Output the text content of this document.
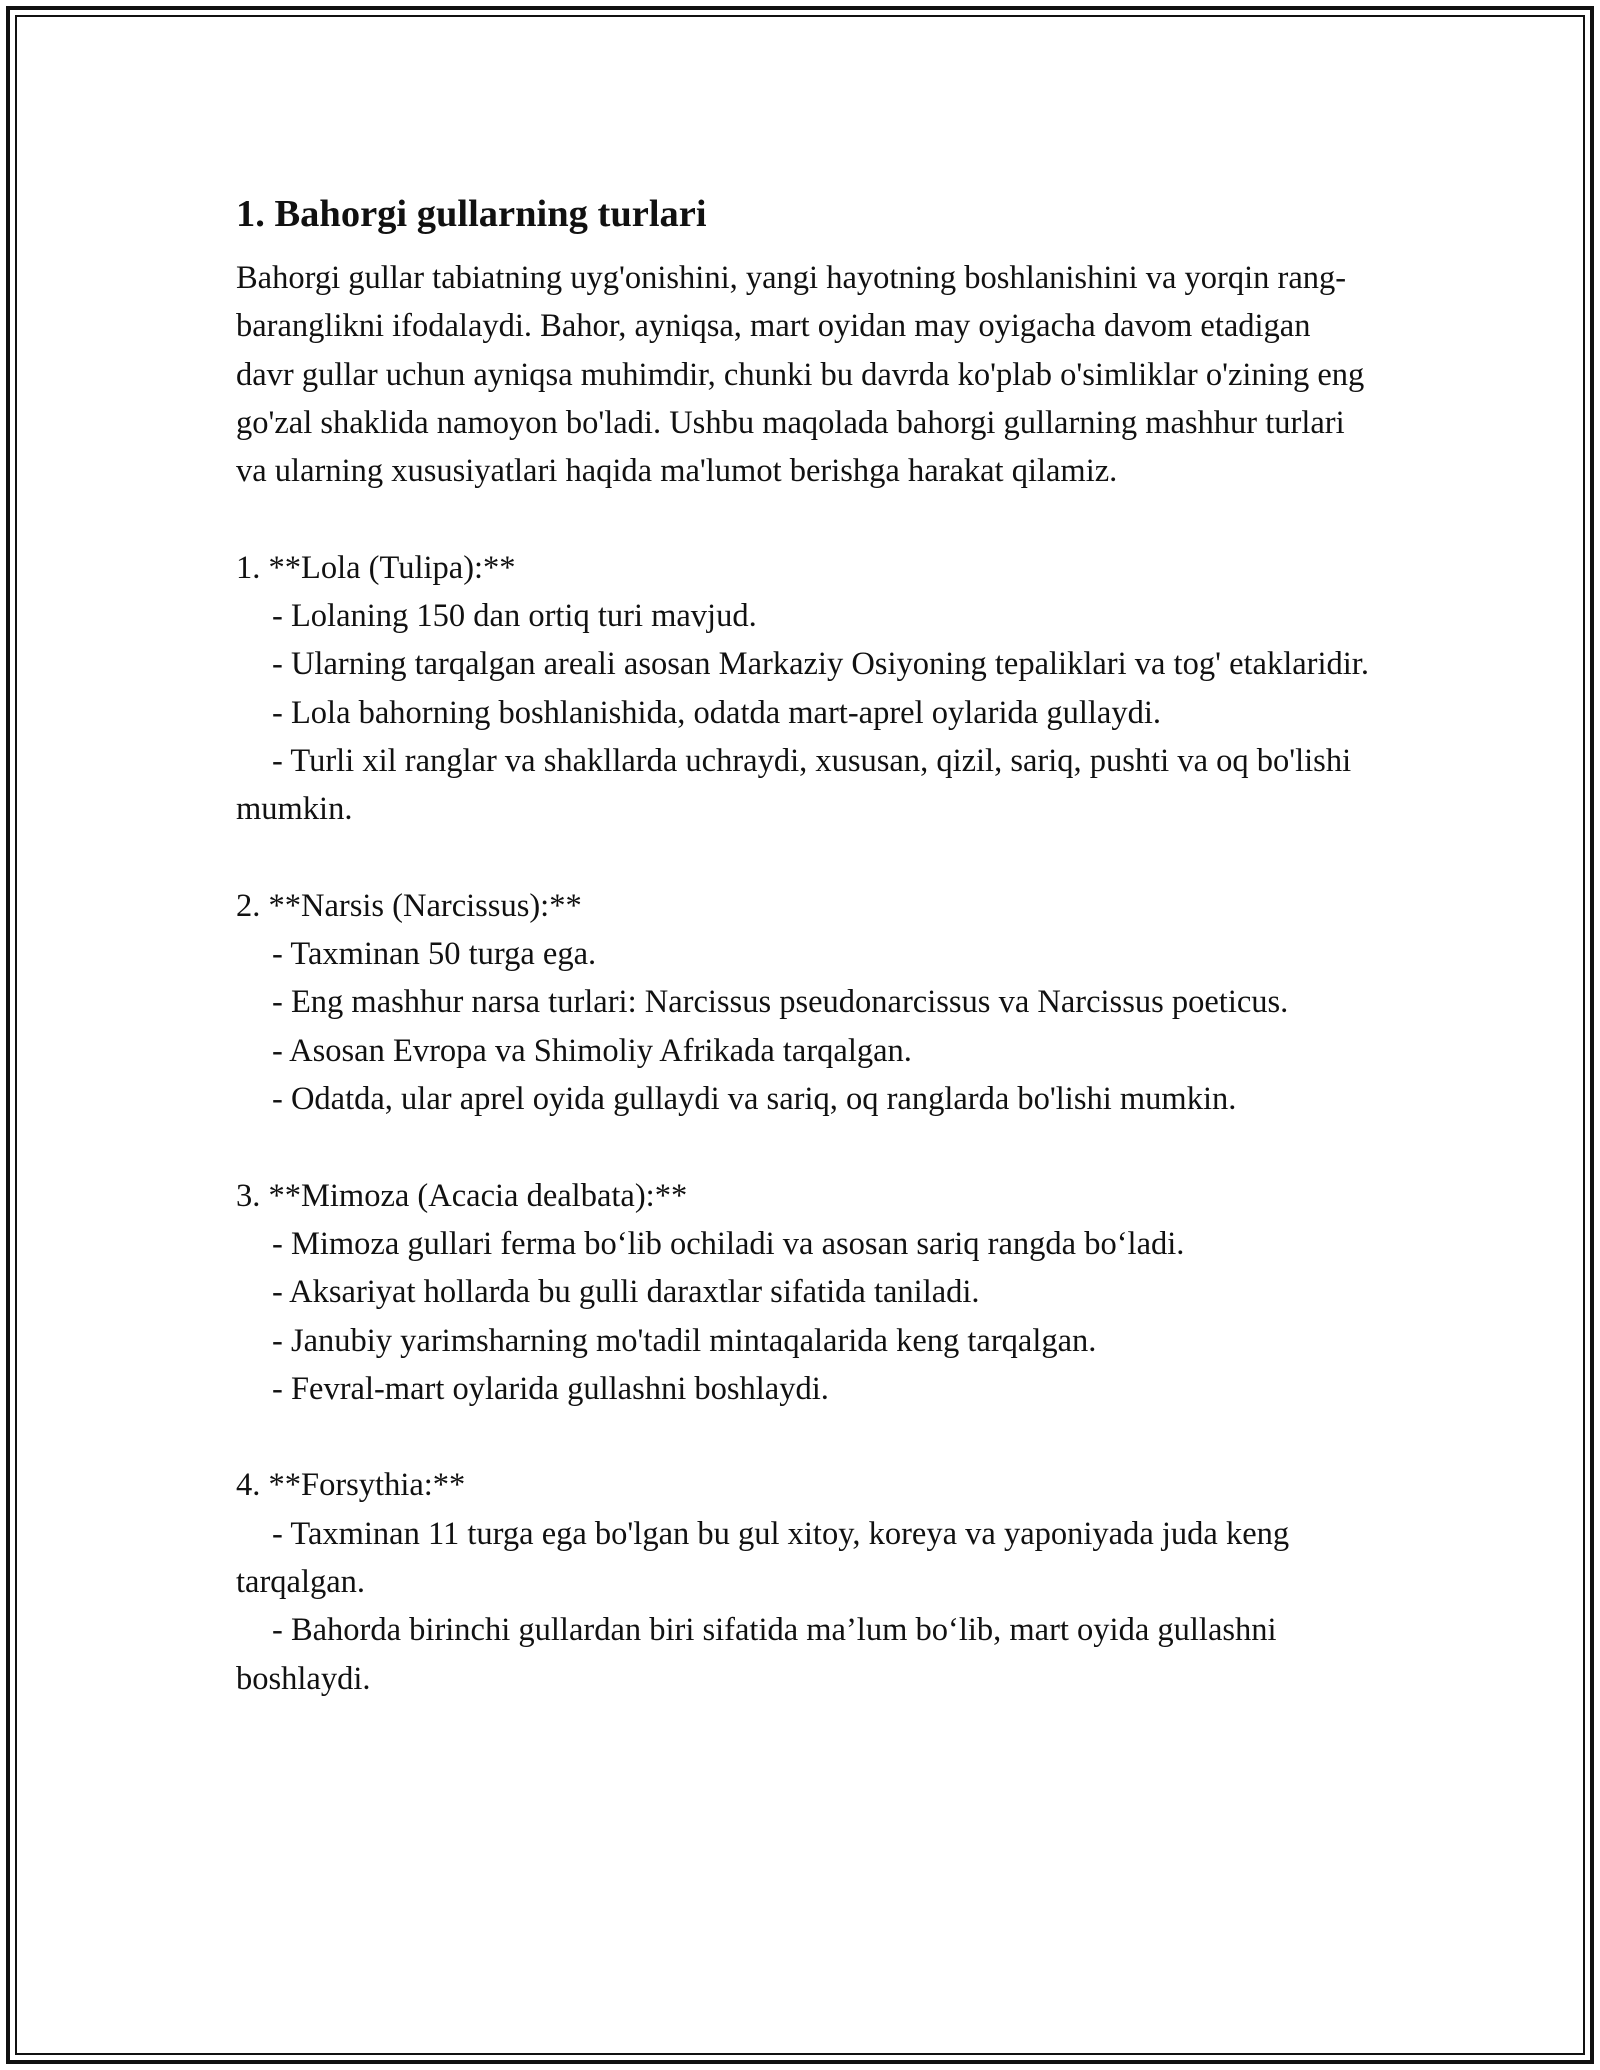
1. Bahorgi gullarning turlari

Bahorgi gullar tabiatning uyg'onishini, yangi hayotning boshlanishini va yorqin rang-baranglikni ifodalaydi. Bahor, ayniqsa, mart oyidan may oyigacha davom etadigan davr gullar uchun ayniqsa muhimdir, chunki bu davrda ko'plab o'simliklar o'zining eng go'zal shaklida namoyon bo'ladi. Ushbu maqolada bahorgi gullarning mashhur turlari va ularning xususiyatlari haqida ma'lumot berishga harakat qilamiz.

1. **Lola (Tulipa):**

- Lolaning 150 dan ortiq turi mavjud.

- Ularning tarqalgan areali asosan Markaziy Osiyoning tepaliklari va tog' etaklaridir.

- Lola bahorning boshlanishida, odatda mart-aprel oylarida gullaydi.

- Turli xil ranglar va shakllarda uchraydi, xususan, qizil, sariq, pushti va oq bo'lishi mumkin.

2. **Narsis (Narcissus):**

- Taxminan 50 turga ega.

- Eng mashhur narsa turlari: Narcissus pseudonarcissus va Narcissus poeticus.

- Asosan Evropa va Shimoliy Afrikada tarqalgan.

- Odatda, ular aprel oyida gullaydi va sariq, oq ranglarda bo'lishi mumkin.

3. **Mimoza (Acacia dealbata):**

- Mimoza gullari ferma bo‘lib ochiladi va asosan sariq rangda bo‘ladi.

- Aksariyat hollarda bu gulli daraxtlar sifatida taniladi.

- Janubiy yarimsharning mo'tadil mintaqalarida keng tarqalgan.

- Fevral-mart oylarida gullashni boshlaydi.

4. **Forsythia:**

- Taxminan 11 turga ega bo'lgan bu gul xitoy, koreya va yaponiyada juda keng tarqalgan.

- Bahorda birinchi gullardan biri sifatida ma’lum bo‘lib, mart oyida gullashni boshlaydi.
